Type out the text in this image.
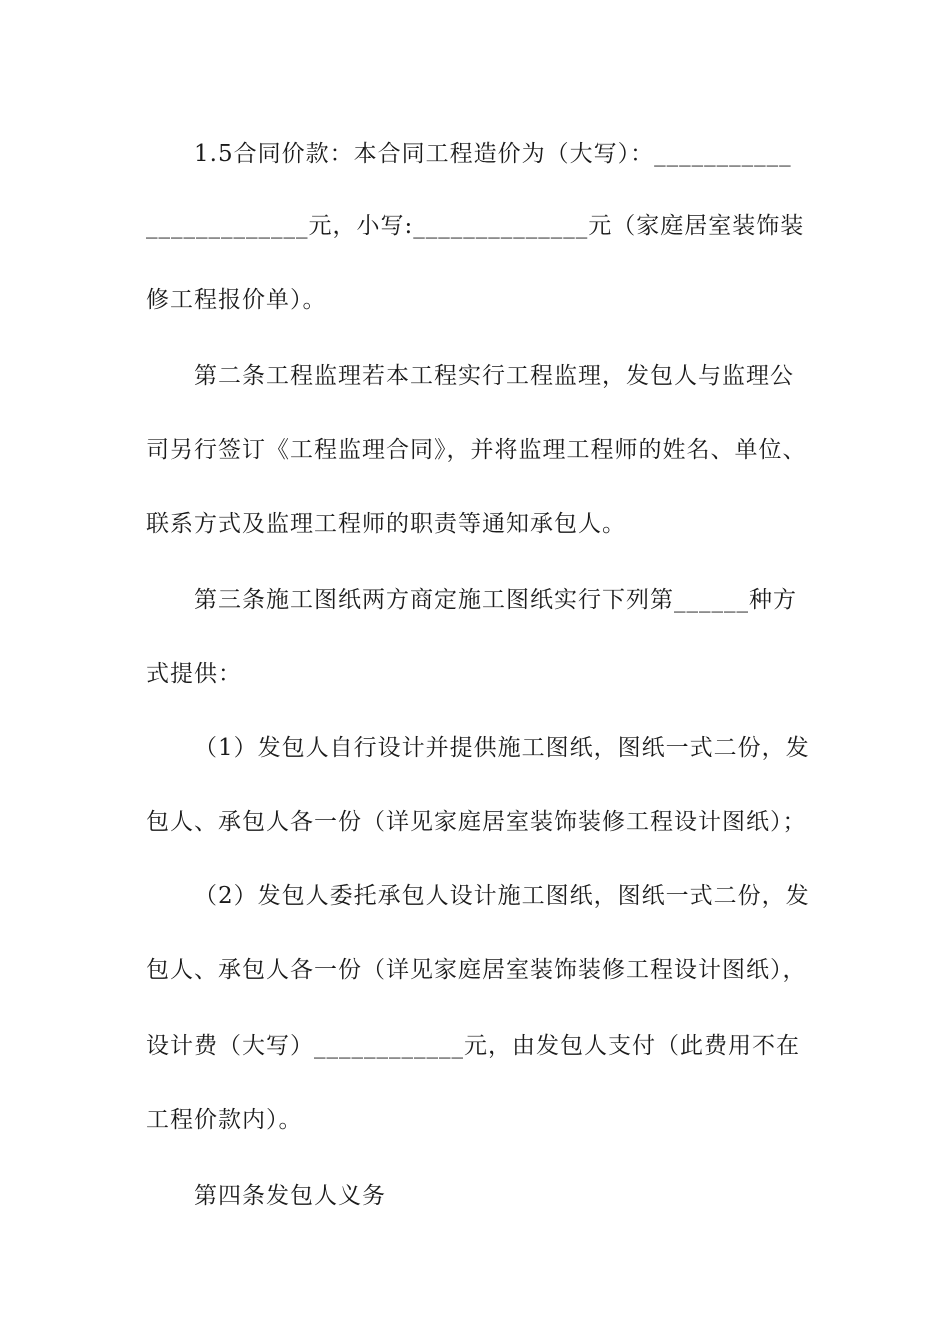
1.5合同价款：本合同工程造价为（大写）：___________
_____________元，小写:______________元（家庭居室装饰装
修工程报价单）。
第二条工程监理若本工程实行工程监理，发包人与监理公
司另行签订《工程监理合同》，并将监理工程师的姓名、单位、
联系方式及监理工程师的职责等通知承包人。
第三条施工图纸两方商定施工图纸实行下列第______种方
式提供：
（1）发包人自行设计并提供施工图纸，图纸一式二份，发
包人、承包人各一份（详见家庭居室装饰装修工程设计图纸）；
（2）发包人委托承包人设计施工图纸，图纸一式二份，发
包人、承包人各一份（详见家庭居室装饰装修工程设计图纸），
设计费（大写）____________元，由发包人支付（此费用不在
工程价款内）。
第四条发包人义务
